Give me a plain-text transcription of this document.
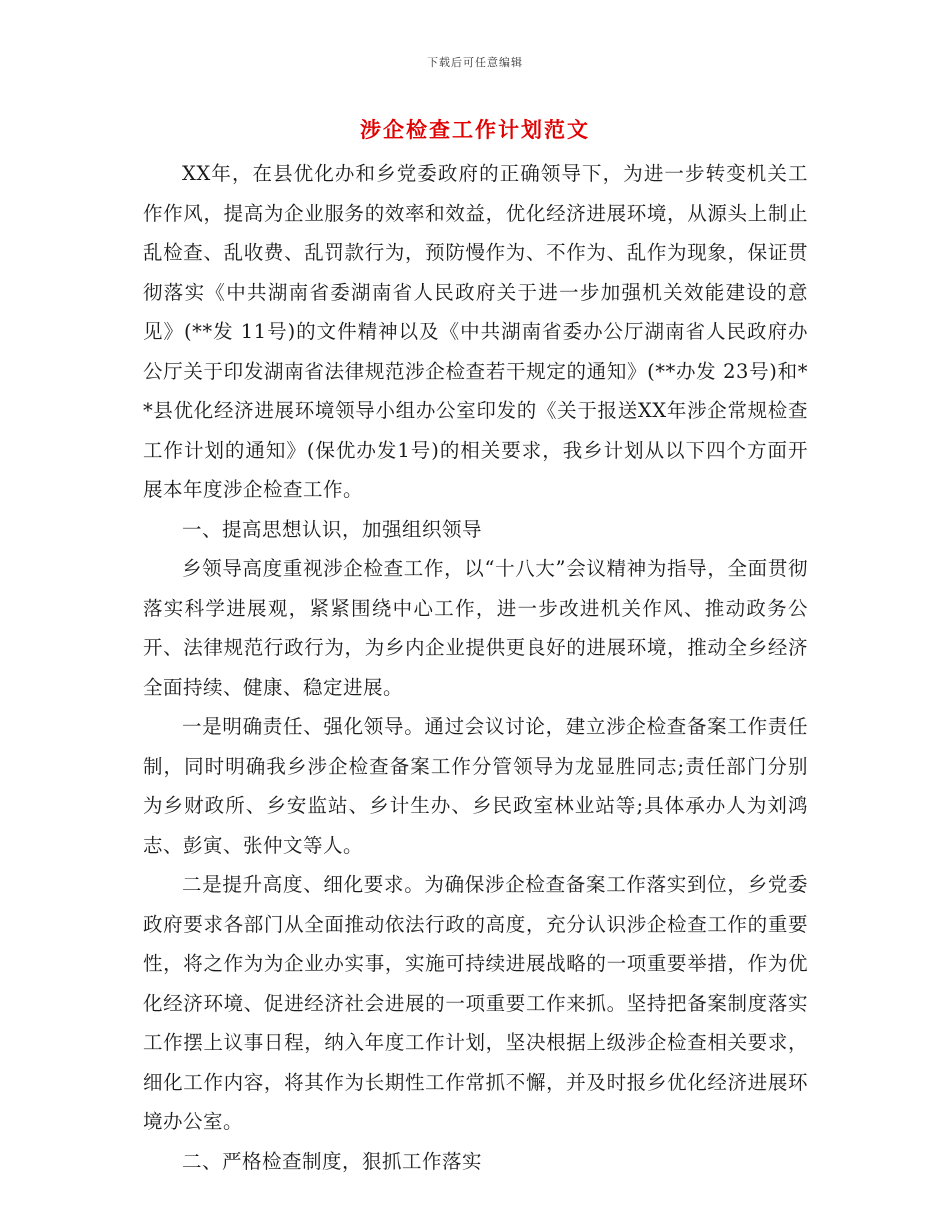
下载后可任意编辑
涉企检查工作计划范文

XX年，在县优化办和乡党委政府的正确领导下，为进一步转变机关工作作风，提高为企业服务的效率和效益，优化经济进展环境，从源头上制止乱检查、乱收费、乱罚款行为，预防慢作为、不作为、乱作为现象，保证贯彻落实《中共湖南省委湖南省人民政府关于进一步加强机关效能建设的意见》(**发 11号)的文件精神以及《中共湖南省委办公厅湖南省人民政府办公厅关于印发湖南省法律规范涉企检查若干规定的通知》(**办发 23号)和**县优化经济进展环境领导小组办公室印发的《关于报送XX年涉企常规检查工作计划的通知》(保优办发1号)的相关要求，我乡计划从以下四个方面开展本年度涉企检查工作。

一、提高思想认识，加强组织领导

乡领导高度重视涉企检查工作，以“十八大”会议精神为指导，全面贯彻落实科学进展观，紧紧围绕中心工作，进一步改进机关作风、推动政务公开、法律规范行政行为，为乡内企业提供更良好的进展环境，推动全乡经济全面持续、健康、稳定进展。

一是明确责任、强化领导。通过会议讨论，建立涉企检查备案工作责任制，同时明确我乡涉企检查备案工作分管领导为龙显胜同志;责任部门分别为乡财政所、乡安监站、乡计生办、乡民政室林业站等;具体承办人为刘鸿志、彭寅、张仲文等人。

二是提升高度、细化要求。为确保涉企检查备案工作落实到位，乡党委政府要求各部门从全面推动依法行政的高度，充分认识涉企检查工作的重要性，将之作为为企业办实事，实施可持续进展战略的一项重要举措，作为优化经济环境、促进经济社会进展的一项重要工作来抓。坚持把备案制度落实工作摆上议事日程，纳入年度工作计划，坚决根据上级涉企检查相关要求，细化工作内容，将其作为长期性工作常抓不懈，并及时报乡优化经济进展环境办公室。

二、严格检查制度，狠抓工作落实
